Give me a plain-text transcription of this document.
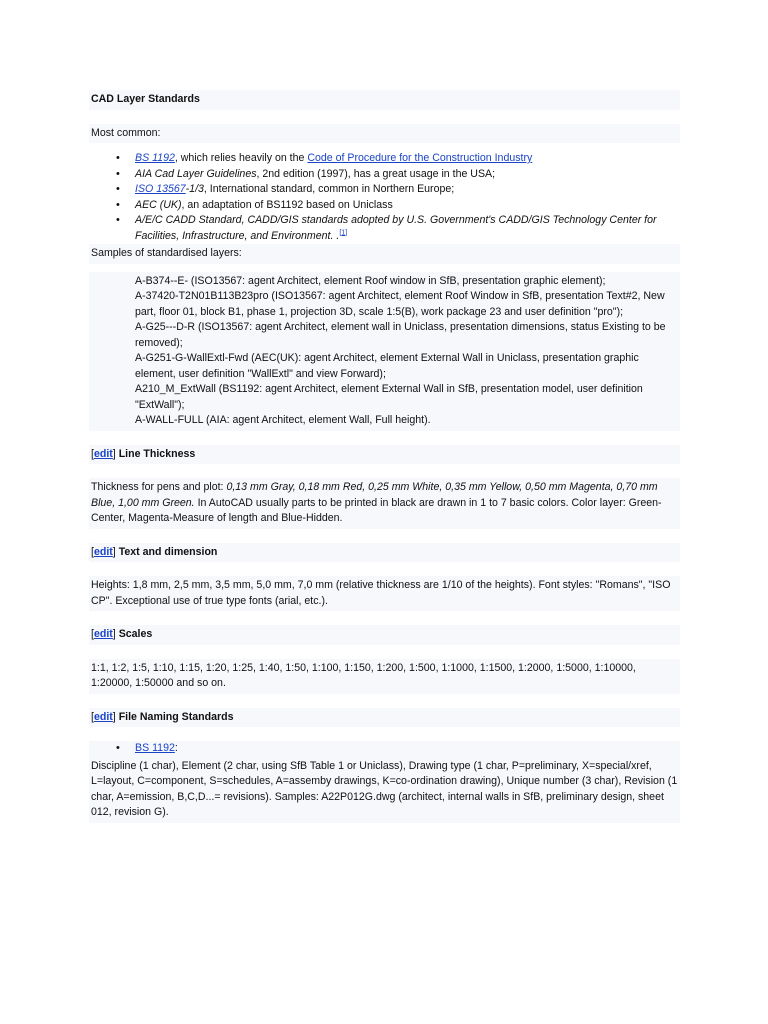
CAD Layer Standards
Most common:
• BS 1192, which relies heavily on the Code of Procedure for the Construction Industry
• AIA Cad Layer Guidelines, 2nd edition (1997), has a great usage in the USA;
• ISO 13567-1/3, International standard, common in Northern Europe;
• AEC (UK), an adaptation of BS1192 based on Uniclass
• A/E/C CADD Standard, CADD/GIS standards adopted by U.S. Government's CADD/GIS Technology Center for Facilities, Infrastructure, and Environment. .[1]
Samples of standardised layers:
A-B374--E- (ISO13567: agent Architect, element Roof window in SfB, presentation graphic element);
A-37420-T2N01B113B23pro (ISO13567: agent Architect, element Roof Window in SfB, presentation Text#2, New part, floor 01, block B1, phase 1, projection 3D, scale 1:5(B), work package 23 and user definition "pro");
A-G25---D-R (ISO13567: agent Architect, element wall in Uniclass, presentation dimensions, status Existing to be removed);
A-G251-G-WallExtl-Fwd (AEC(UK): agent Architect, element External Wall in Uniclass, presentation graphic element, user definition "WallExtl" and view Forward);
A210_M_ExtWall (BS1192: agent Architect, element External Wall in SfB, presentation model, user definition "ExtWall");
A-WALL-FULL (AIA: agent Architect, element Wall, Full height).
[edit] Line Thickness
Thickness for pens and plot: 0,13 mm Gray, 0,18 mm Red, 0,25 mm White, 0,35 mm Yellow, 0,50 mm Magenta, 0,70 mm Blue, 1,00 mm Green. In AutoCAD usually parts to be printed in black are drawn in 1 to 7 basic colors. Color layer: Green-Center, Magenta-Measure of length and Blue-Hidden.
[edit] Text and dimension
Heights: 1,8 mm, 2,5 mm, 3,5 mm, 5,0 mm, 7,0 mm (relative thickness are 1/10 of the heights). Font styles: "Romans", "ISO CP". Exceptional use of true type fonts (arial, etc.).
[edit] Scales
1:1, 1:2, 1:5, 1:10, 1:15, 1:20, 1:25, 1:40, 1:50, 1:100, 1:150, 1:200, 1:500, 1:1000, 1:1500, 1:2000, 1:5000, 1:10000, 1:20000, 1:50000 and so on.
[edit] File Naming Standards
• BS 1192:
Discipline (1 char), Element (2 char, using SfB Table 1 or Uniclass), Drawing type (1 char, P=preliminary, X=special/xref, L=layout, C=component, S=schedules, A=assemby drawings, K=co-ordination drawing), Unique number (3 char), Revision (1 char, A=emission, B,C,D...= revisions). Samples: A22P012G.dwg (architect, internal walls in SfB, preliminary design, sheet 012, revision G).
